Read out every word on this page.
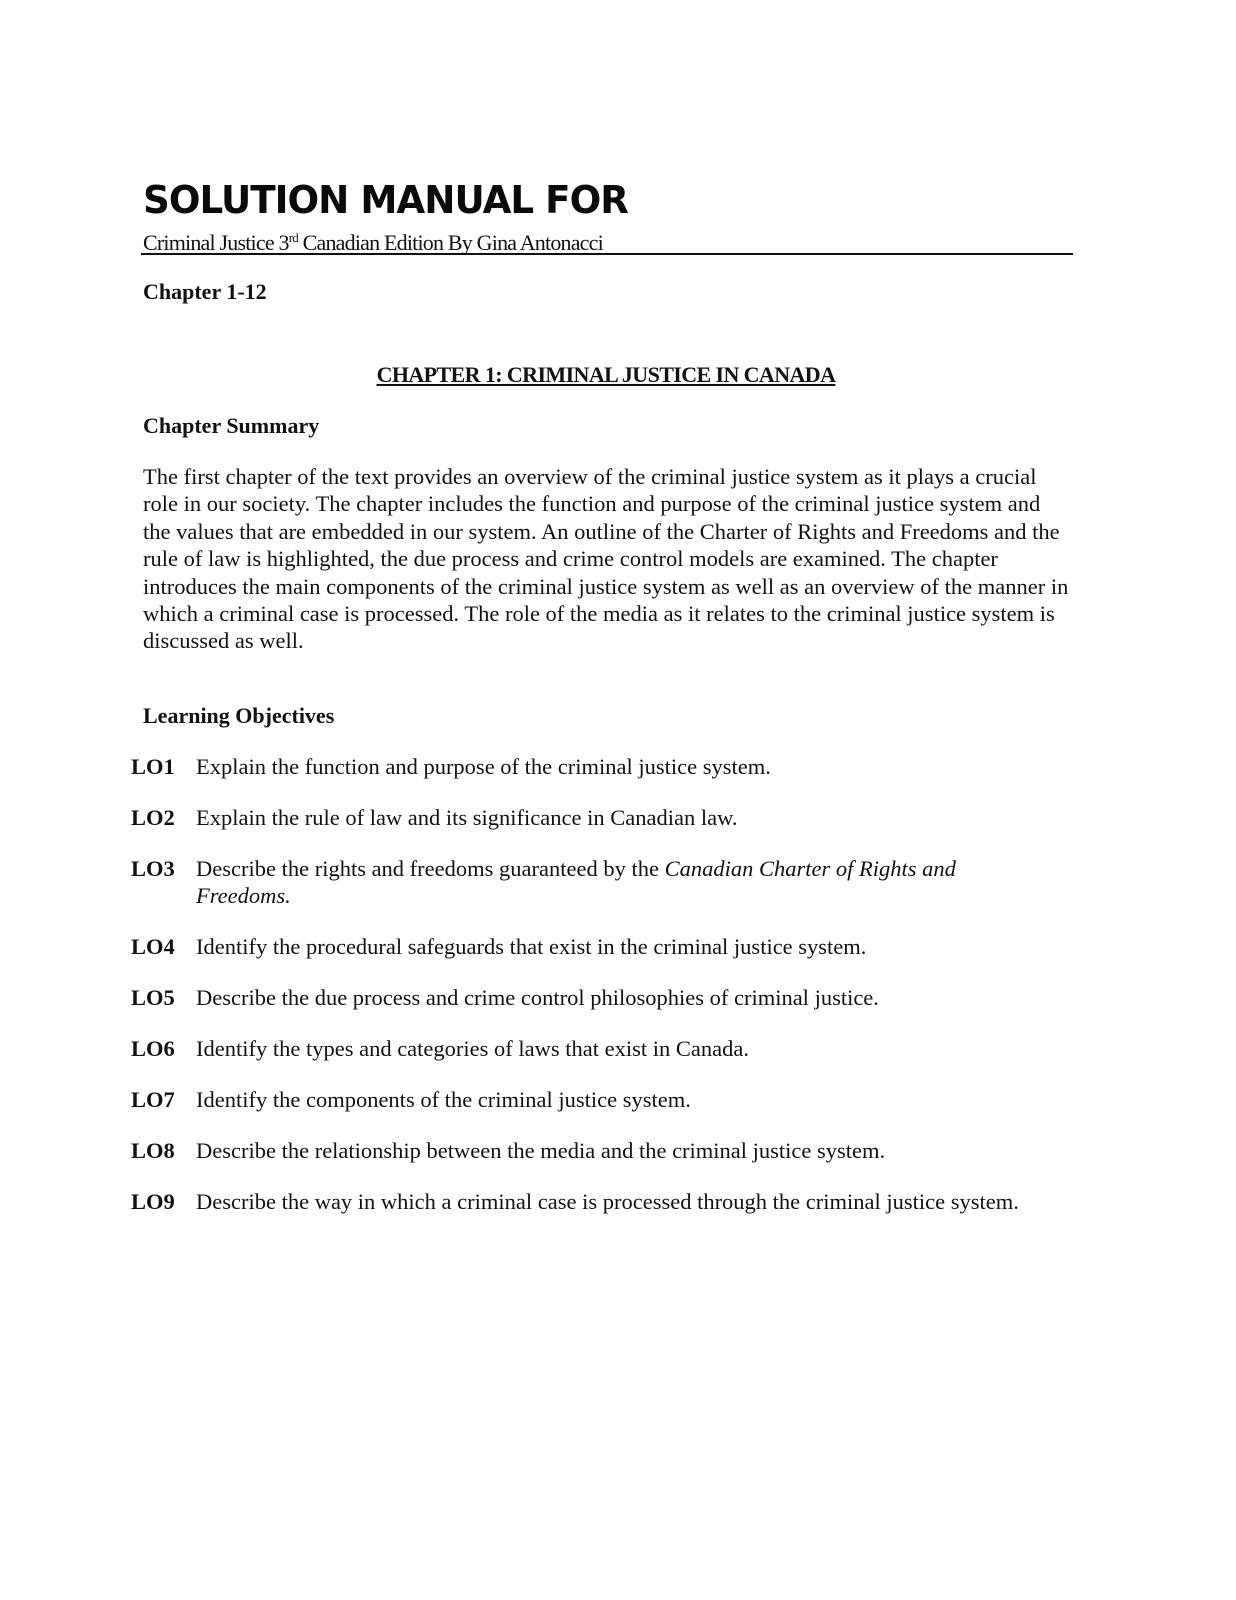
SOLUTION MANUAL FOR
Criminal Justice 3rd Canadian Edition By Gina Antonacci
Chapter 1-12
CHAPTER 1: CRIMINAL JUSTICE IN CANADA
Chapter Summary

The first chapter of the text provides an overview of the criminal justice system as it plays a crucial role in our society. The chapter includes the function and purpose of the criminal justice system and the values that are embedded in our system. An outline of the Charter of Rights and Freedoms and the rule of law is highlighted, the due process and crime control models are examined. The chapter introduces the main components of the criminal justice system as well as an overview of the manner in which a criminal case is processed. The role of the media as it relates to the criminal justice system is discussed as well.

Learning Objectives
LO1 Explain the function and purpose of the criminal justice system.
LO2 Explain the rule of law and its significance in Canadian law.
LO3 Describe the rights and freedoms guaranteed by the Canadian Charter of Rights and Freedoms.
LO4 Identify the procedural safeguards that exist in the criminal justice system.
LO5 Describe the due process and crime control philosophies of criminal justice.
LO6 Identify the types and categories of laws that exist in Canada.
LO7 Identify the components of the criminal justice system.
LO8 Describe the relationship between the media and the criminal justice system.
LO9 Describe the way in which a criminal case is processed through the criminal justice system.
